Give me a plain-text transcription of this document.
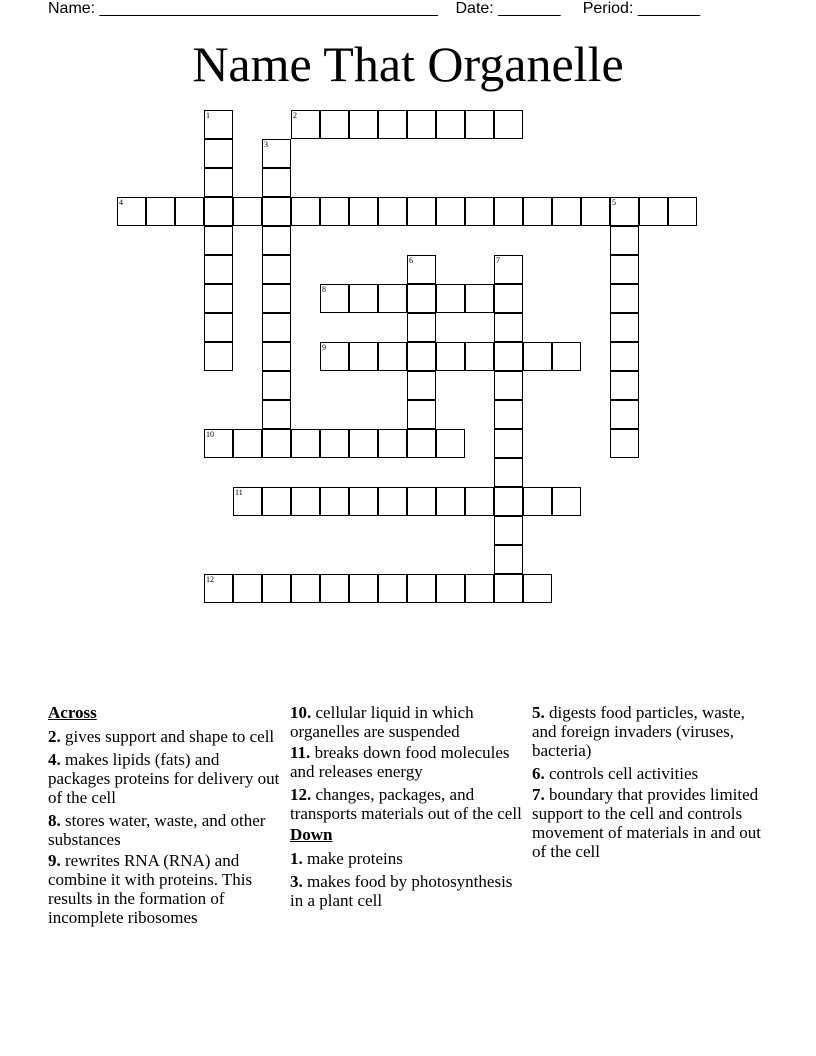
Name: ______________________________________    Date: _______     Period: _______
Name That Organelle
1	2
3
4	5
6	7
8
9
10
11
12
Across

2. gives support and shape to cell

4. makes lipids (fats) and packages proteins for delivery out of the cell

8. stores water, waste, and other substances

9. rewrites RNA (RNA) and combine it with proteins. This results in the formation of incomplete ribosomes

10. cellular liquid in which organelles are suspended

11. breaks down food molecules and releases energy

12. changes, packages, and transports materials out of the cell

Down

1. make proteins

3. makes food by photosynthesis in a plant cell

5. digests food particles, waste, and foreign invaders (viruses, bacteria)

6. controls cell activities

7. boundary that provides limited support to the cell and controls movement of materials in and out of the cell
